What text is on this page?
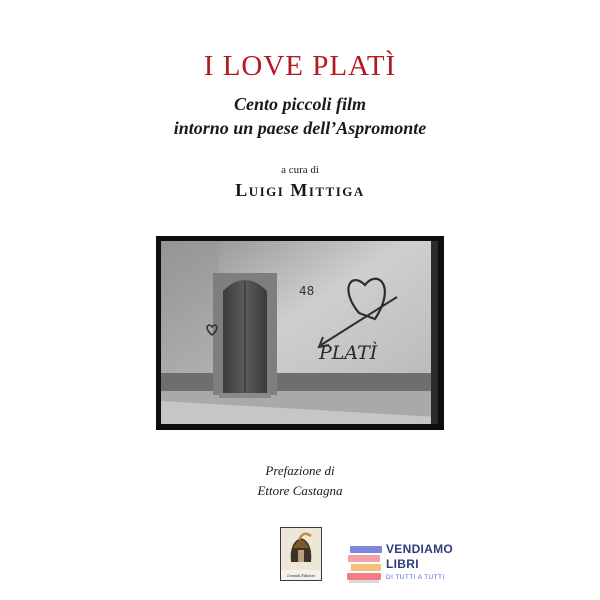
I LOVE PLATÌ
Cento piccoli film
intorno un paese dell’Aspromonte
a cura di
Luigi Mittiga
48
PLATÌ
Prefazione di
Ettore Castagna
Leonida Edizioni
VENDIAMO
LIBRI
DI TUTTI A TUTTI
